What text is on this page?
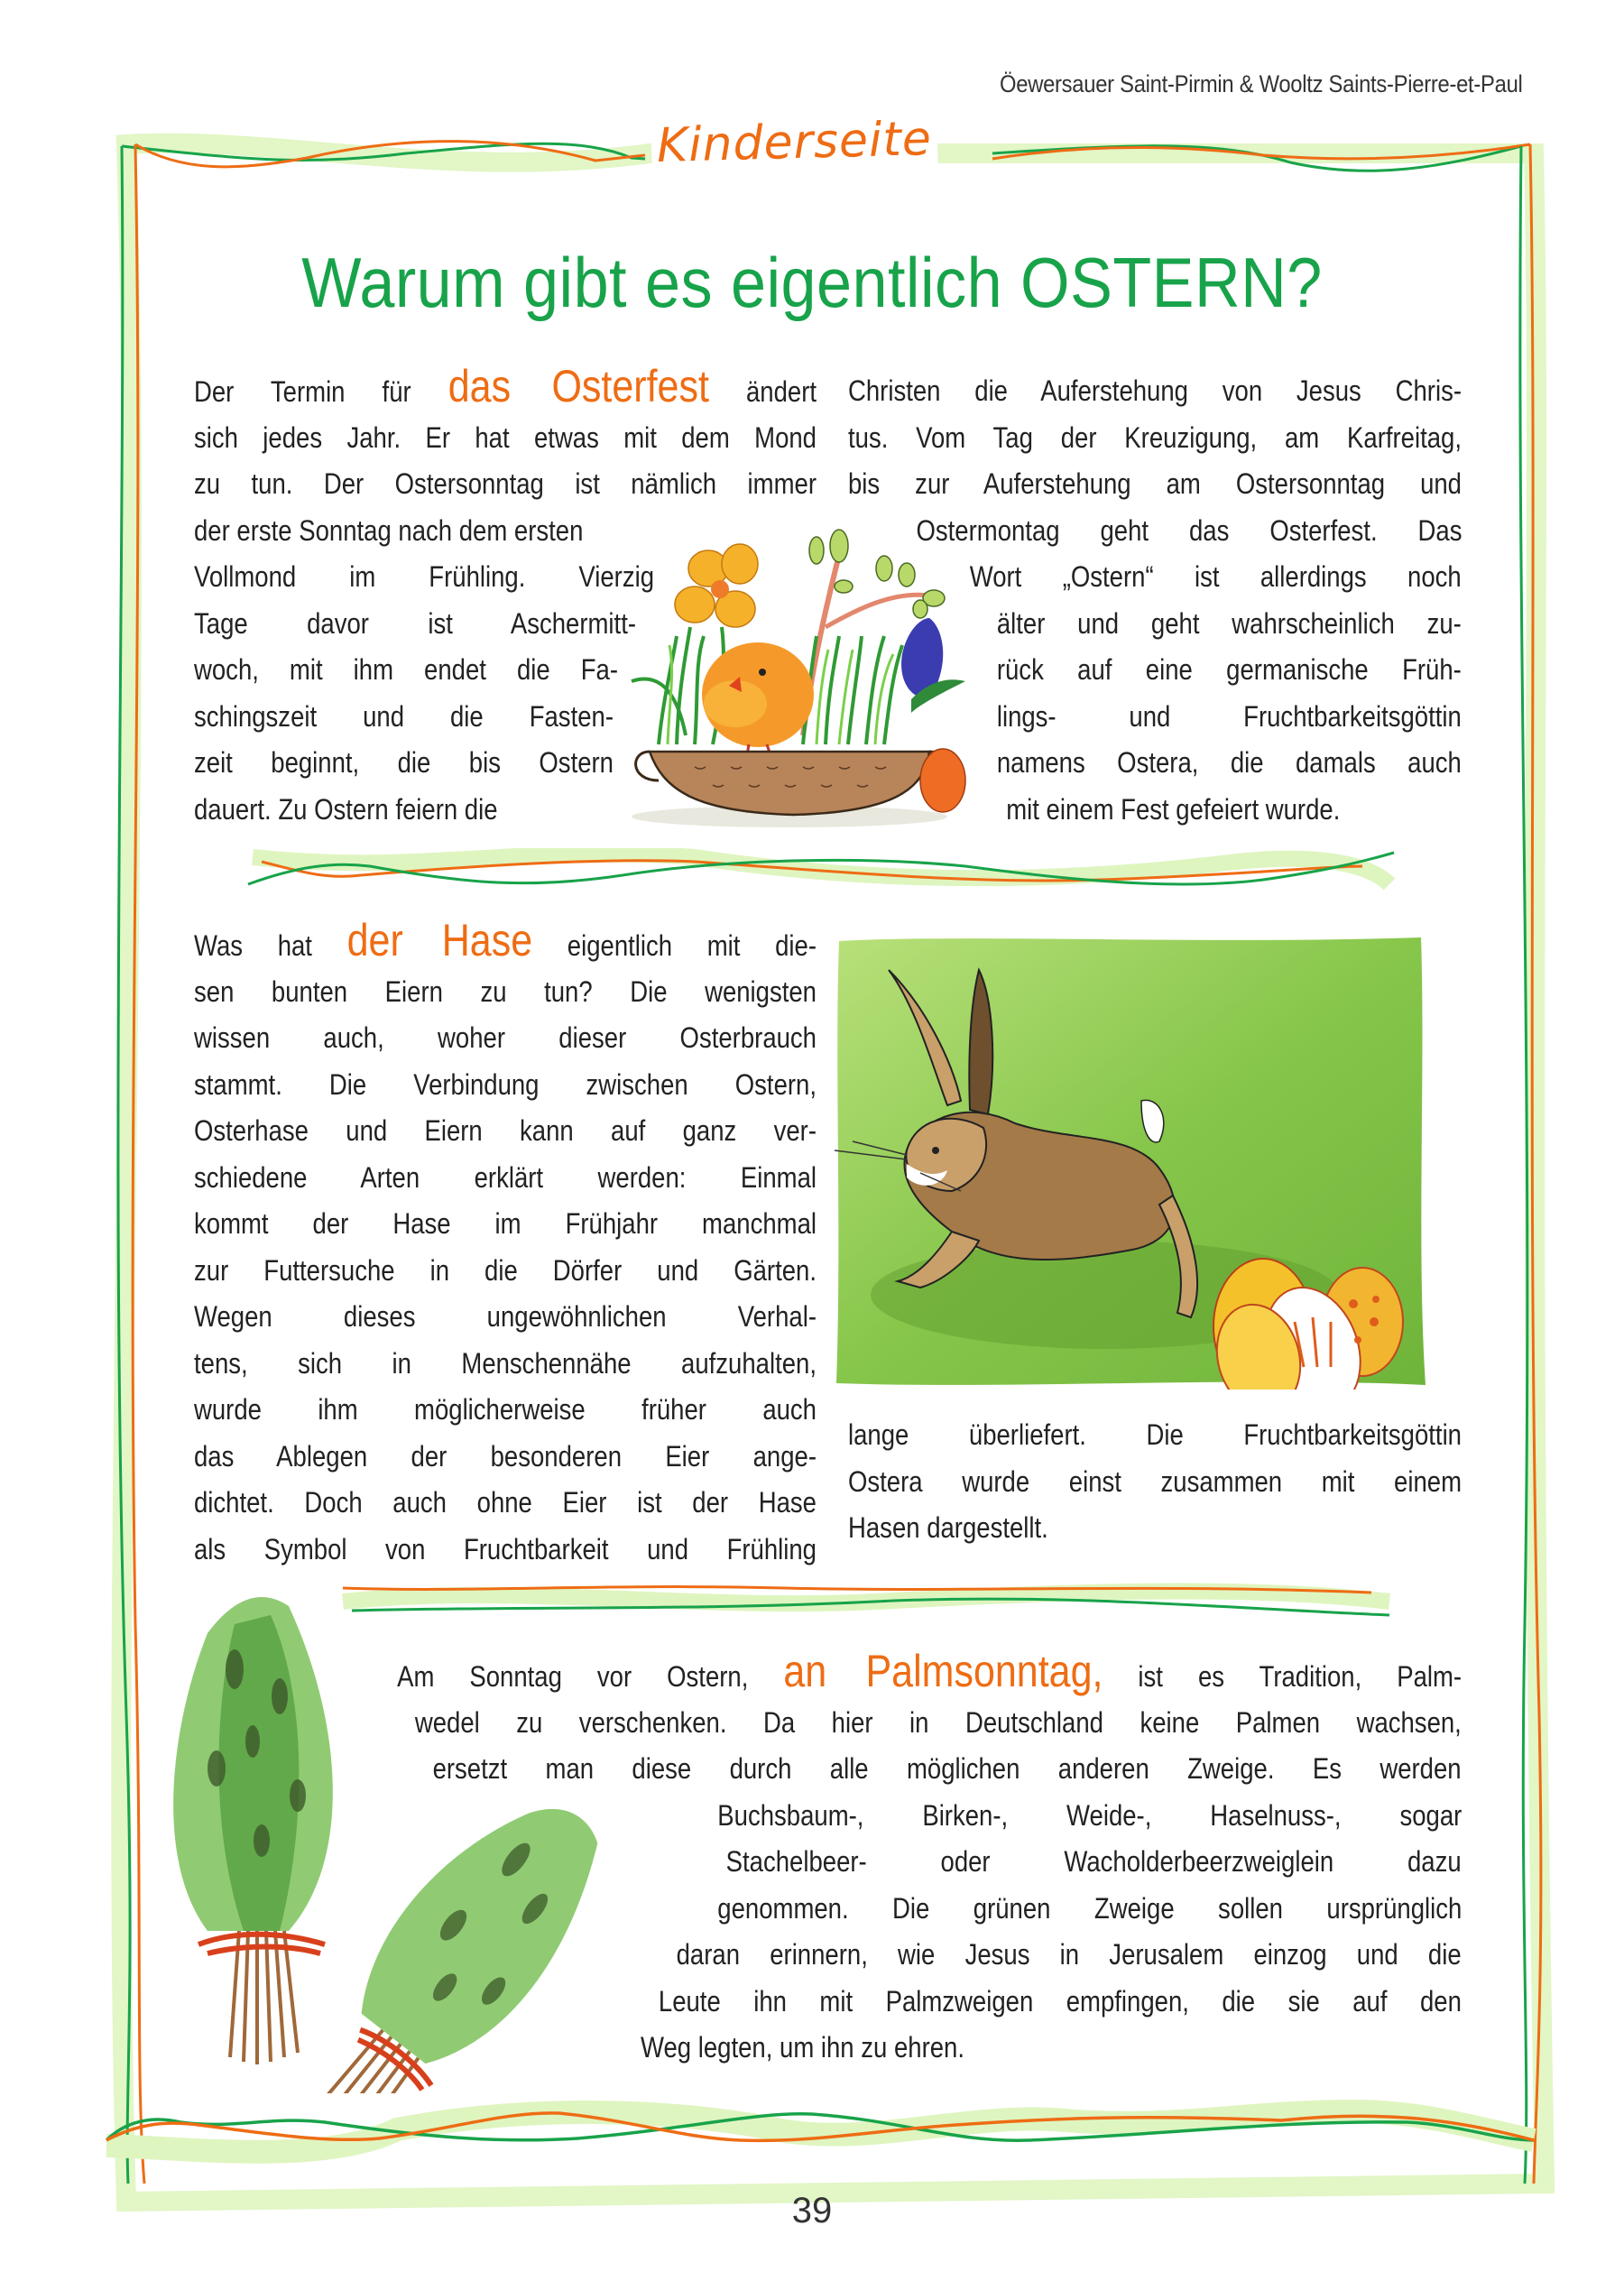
Öewersauer Saint-Pirmin & Wooltz Saints-Pierre-et-Paul
Kinderseite
Warum gibt es eigentlich OSTERN?
Der Termin für das Osterfest ändert
sich jedes Jahr. Er hat etwas mit dem Mond
zu tun. Der Ostersonntag ist nämlich immer
der erste Sonntag nach dem ersten
Vollmond im Frühling. Vierzig
Tage davor ist Aschermitt-
woch, mit ihm endet die Fa-
schingszeit und die Fasten-
zeit beginnt, die bis Ostern
dauert. Zu Ostern feiern die
Christen die Auferstehung von Jesus Chris-
tus. Vom Tag der Kreuzigung, am Karfreitag,
bis zur Auferstehung am Ostersonntag und
Ostermontag geht das Osterfest. Das
Wort „Ostern“ ist allerdings noch
älter und geht wahrscheinlich zu-
rück auf eine germanische Früh-
lings- und Fruchtbarkeitsgöttin
namens Ostera, die damals auch
mit einem Fest gefeiert wurde.
Was hat der Hase eigentlich mit die-
sen bunten Eiern zu tun? Die wenigsten
wissen auch, woher dieser Osterbrauch
stammt. Die Verbindung zwischen Ostern,
Osterhase und Eiern kann auf ganz ver-
schiedene Arten erklärt werden: Einmal
kommt der Hase im Frühjahr manchmal
zur Futtersuche in die Dörfer und Gärten.
Wegen dieses ungewöhnlichen Verhal-
tens, sich in Menschennähe aufzuhalten,
wurde ihm möglicherweise früher auch
das Ablegen der besonderen Eier ange-
dichtet. Doch auch ohne Eier ist der Hase
als Symbol von Fruchtbarkeit und Frühling
lange überliefert. Die Fruchtbarkeitsgöttin
Ostera wurde einst zusammen mit einem
Hasen dargestellt.
Am Sonntag vor Ostern, an Palmsonntag, ist es Tradition, Palm-
wedel zu verschenken. Da hier in Deutschland keine Palmen wachsen,
ersetzt man diese durch alle möglichen anderen Zweige. Es werden
Buchsbaum-, Birken-, Weide-, Haselnuss-, sogar
Stachelbeer- oder Wacholderbeerzweiglein dazu
genommen. Die grünen Zweige sollen ursprünglich
daran erinnern, wie Jesus in Jerusalem einzog und die
Leute ihn mit Palmzweigen empfingen, die sie auf den
Weg legten, um ihn zu ehren.
39
